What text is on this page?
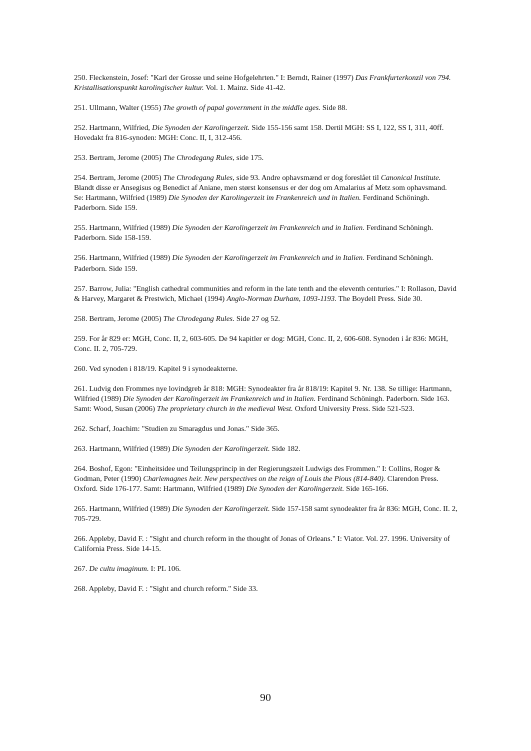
250. Fleckenstein, Josef: "Karl der Grosse und seine Hofgelehrten." I: Berndt, Rainer (1997) Das Frankfurterkonzil von 794. Kristallisationspunkt karolingischer kultur. Vol. 1. Mainz. Side 41-42.

251. Ullmann, Walter (1955) The growth of papal government in the middle ages. Side 88.

252. Hartmann, Wilfried, Die Synoden der Karolingerzeit. Side 155-156 samt 158. Dertil MGH: SS I, 122, SS I, 311, 40ff. Hovedakt fra 816-synoden: MGH: Conc. II, I, 312-456.

253. Bertram, Jerome (2005) The Chrodegang Rules, side 175.

254. Bertram, Jerome (2005) The Chrodegang Rules, side 93. Andre ophavsmænd er dog foreslået til Canonical Institute. Blandt disse er Ansegisus og Benedict af Aniane, men størst konsensus er der dog om Amalarius af Metz som ophavsmand. Se: Hartmann, Wilfried (1989) Die Synoden der Karolingerzeit im Frankenreich und in Italien. Ferdinand Schöningh. Paderborn. Side 159.

255. Hartmann, Wilfried (1989) Die Synoden der Karolingerzeit im Frankenreich und in Italien. Ferdinand Schöningh. Paderborn. Side 158-159.

256. Hartmann, Wilfried (1989) Die Synoden der Karolingerzeit im Frankenreich und in Italien. Ferdinand Schöningh. Paderborn. Side 159.

257. Barrow, Julia: "English cathedral communities and reform in the late tenth and the eleventh centuries." I: Rollason, David & Harvey, Margaret & Prestwich, Michael (1994) Anglo-Norman Durham, 1093-1193. The Boydell Press. Side 30.

258. Bertram, Jerome (2005) The Chrodegang Rules. Side 27 og 52.

259. For år 829 er: MGH, Conc. II, 2, 603-605. De 94 kapitler er dog: MGH, Conc. II, 2, 606-608. Synoden i år 836: MGH, Conc. II. 2, 705-729.

260. Ved synoden i 818/19. Kapitel 9 i synodeakterne.

261. Ludvig den Frommes nye lovindgreb år 818: MGH: Synodeakter fra år 818/19: Kapitel 9. Nr. 138. Se tillige: Hartmann, Wilfried (1989) Die Synoden der Karolingerzeit im Frankenreich und in Italien. Ferdinand Schöningh. Paderborn. Side 163. Samt: Wood, Susan (2006) The proprietary church in the medieval West. Oxford University Press. Side 521-523.

262. Scharf, Joachim: "Studien zu Smaragdus und Jonas." Side 365.

263. Hartmann, Wilfried (1989) Die Synoden der Karolingerzeit. Side 182.

264. Boshof, Egon: "Einheitsidee und Teilungsprincip in der Regierungszeit Ludwigs des Frommen." I: Collins, Roger & Godman, Peter (1990) Charlemagnes heir. New perspectives on the reign of Louis the Pious (814-840). Clarendon Press. Oxford. Side 176-177. Samt: Hartmann, Wilfried (1989) Die Synoden der Karolingerzeit. Side 165-166.

265. Hartmann, Wilfried (1989) Die Synoden der Karolingerzeit. Side 157-158 samt synodeakter fra år 836: MGH, Conc. II. 2, 705-729.

266. Appleby, David F. : "Sight and church reform in the thought of Jonas of Orleans." I: Viator. Vol. 27. 1996. University of California Press. Side 14-15.

267. De cultu imaginum. I: PL 106.

268. Appleby, David F. : "Sight and church reform." Side 33.

90
